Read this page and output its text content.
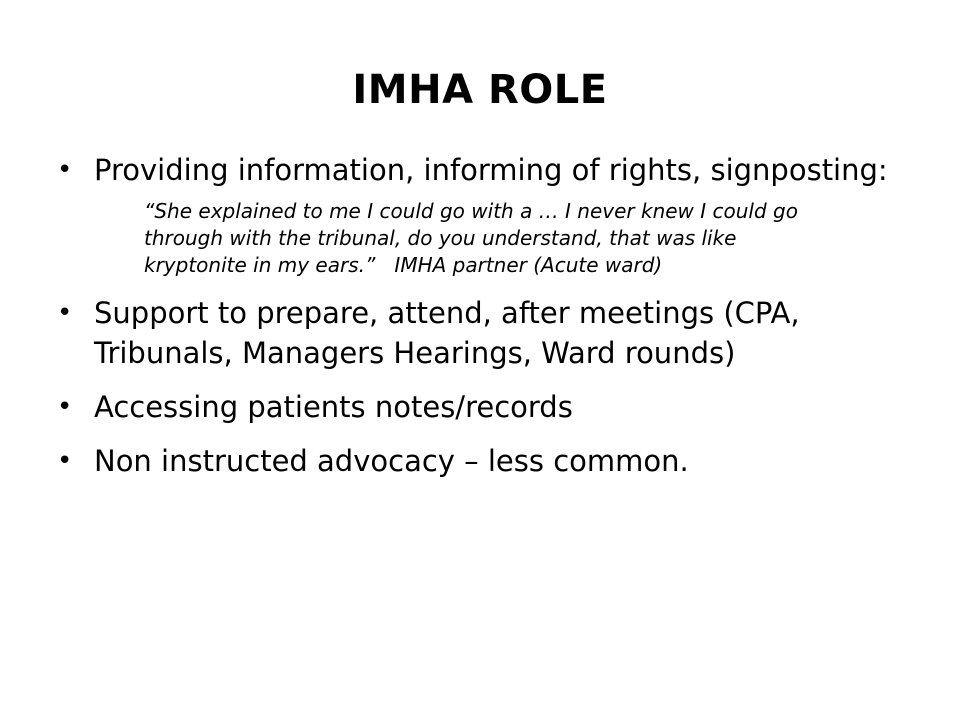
IMHA ROLE
• Providing information, informing of rights, signposting:
“She explained to me I could go with a … I never knew I could go through with the tribunal, do you understand, that was like kryptonite in my ears.” IMHA partner (Acute ward)
• Support to prepare, attend, after meetings (CPA, Tribunals, Managers Hearings, Ward rounds)
• Accessing patients notes/records
• Non instructed advocacy – less common.
